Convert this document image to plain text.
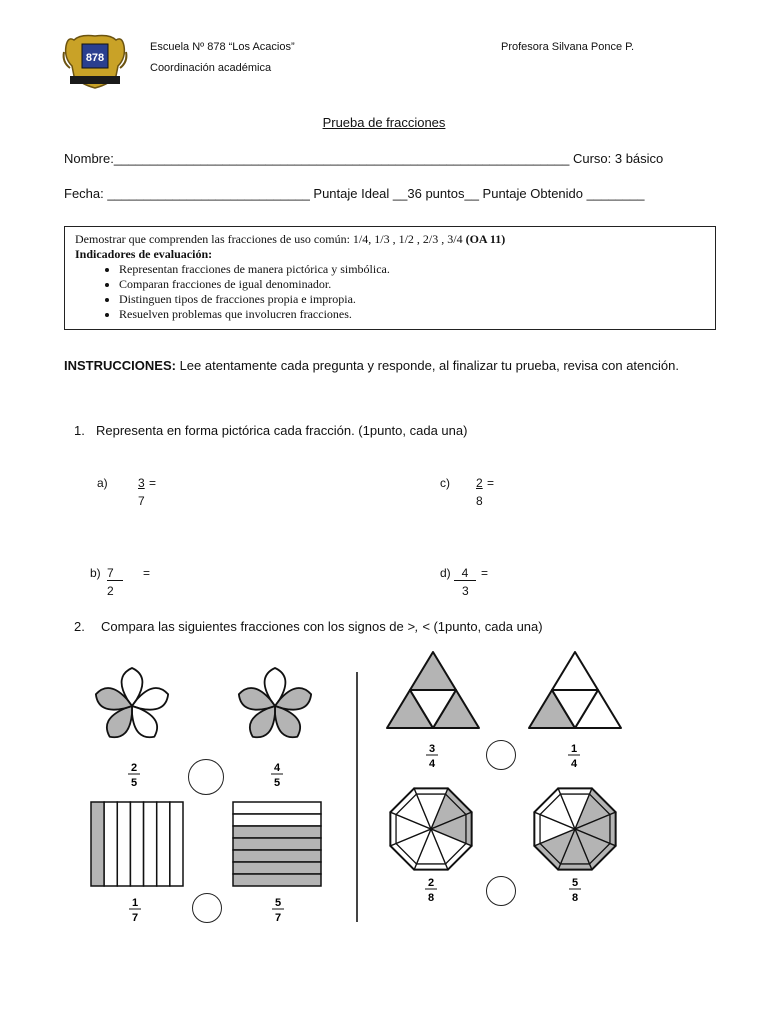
878
Escuela Nº 878 “Los Acacios”
Coordinación académica
Profesora Silvana Ponce P.
Prueba de fracciones
Nombre:_______________________________________________________________ Curso: 3 básico
Fecha: ____________________________ Puntaje Ideal __36 puntos__ Puntaje Obtenido ________
Demostrar que comprenden las fracciones de uso común: 1/4, 1/3 , 1/2 , 2/3 , 3/4 (OA 11)
Indicadores de evaluación:
• Representan fracciones de manera pictórica y simbólica.
• Comparan fracciones de igual denominador.
• Distinguen tipos de fracciones propia e impropia.
• Resuelven problemas que involucren fracciones.
INSTRUCCIONES: Lee atentamente cada pregunta y responde, al finalizar tu prueba, revisa con atención.
1. Representa en forma pictórica cada fracción. (1punto, cada una)
a)	3 =
7
c) 2 =
8
b) 7	=
2
d) 4	=
3
2. Compara las siguientes fracciones con los signos de >, < (1punto, cada una)
2
5
4
5
1
7
5
7
3
4
1
4
2
8
5
8
